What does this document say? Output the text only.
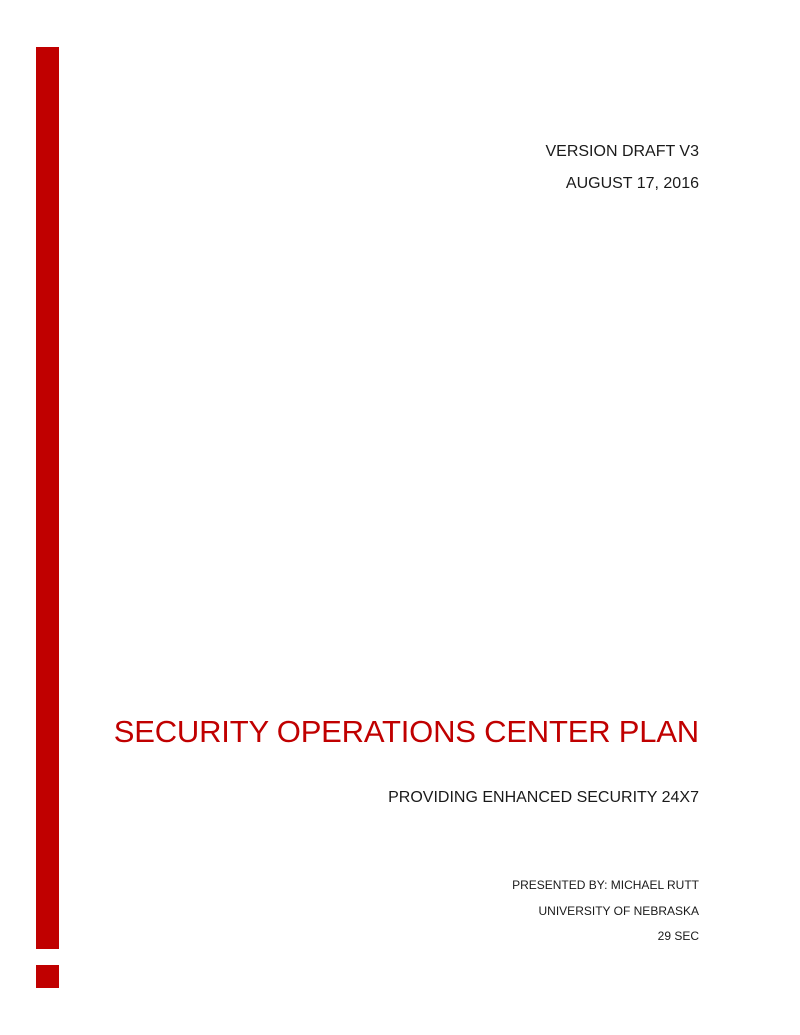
VERSION DRAFT V3
AUGUST 17, 2016
SECURITY OPERATIONS CENTER PLAN
PROVIDING ENHANCED SECURITY 24X7
PRESENTED BY: MICHAEL RUTT
UNIVERSITY OF NEBRASKA
29 SEC
